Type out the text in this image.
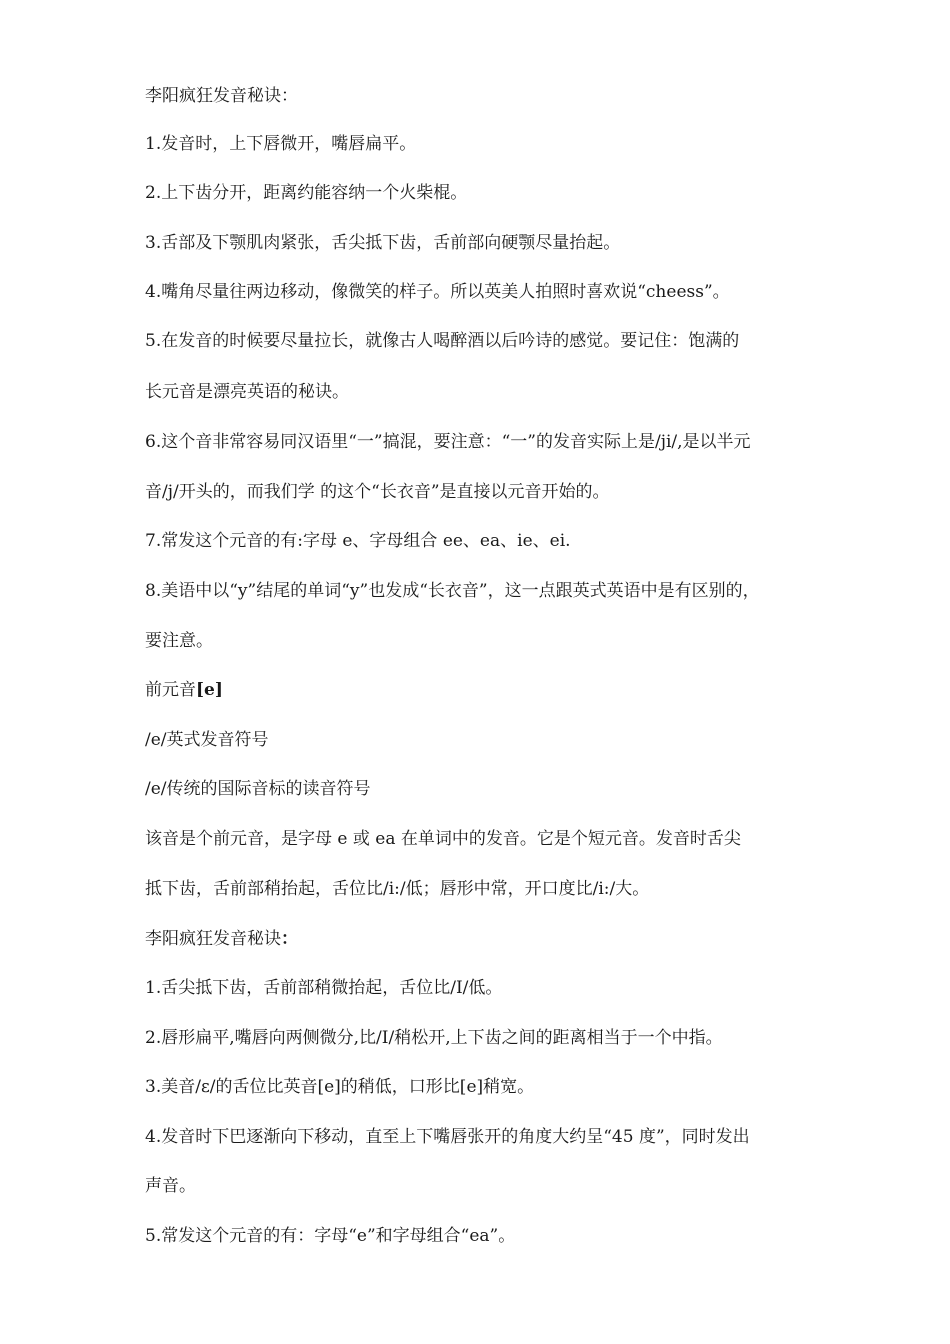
李阳疯狂发音秘诀：
1.发音时，上下唇微开，嘴唇扁平。
2.上下齿分开，距离约能容纳一个火柴棍。
3.舌部及下颚肌肉紧张，舌尖抵下齿，舌前部向硬颚尽量抬起。
4.嘴角尽量往两边移动，像微笑的样子。所以英美人拍照时喜欢说“cheess”。
5.在发音的时候要尽量拉长，就像古人喝醉酒以后吟诗的感觉。要记住：饱满的
长元音是漂亮英语的秘诀。
6.这个音非常容易同汉语里“一”搞混，要注意：“一”的发音实际上是/ji/,是以半元
音/j/开头的，而我们学 的这个“长衣音”是直接以元音开始的。
7.常发这个元音的有:字母 e、字母组合 ee、ea、ie、ei.
8.美语中以“y”结尾的单词“y”也发成“长衣音”，这一点跟英式英语中是有区别的，
要注意。
前元音[e]
/e/英式发音符号
/e/传统的国际音标的读音符号
该音是个前元音，是字母 e 或 ea 在单词中的发音。它是个短元音。发音时舌尖
抵下齿，舌前部稍抬起，舌位比/i:/低；唇形中常，开口度比/i:/大。
李阳疯狂发音秘诀：
1.舌尖抵下齿，舌前部稍微抬起，舌位比/I/低。
2.唇形扁平,嘴唇向两侧微分,比/I/稍松开,上下齿之间的距离相当于一个中指。
3.美音/ε/的舌位比英音[e]的稍低，口形比[e]稍宽。
4.发音时下巴逐渐向下移动，直至上下嘴唇张开的角度大约呈“45 度”，同时发出
声音。
5.常发这个元音的有：字母“e”和字母组合“ea”。
